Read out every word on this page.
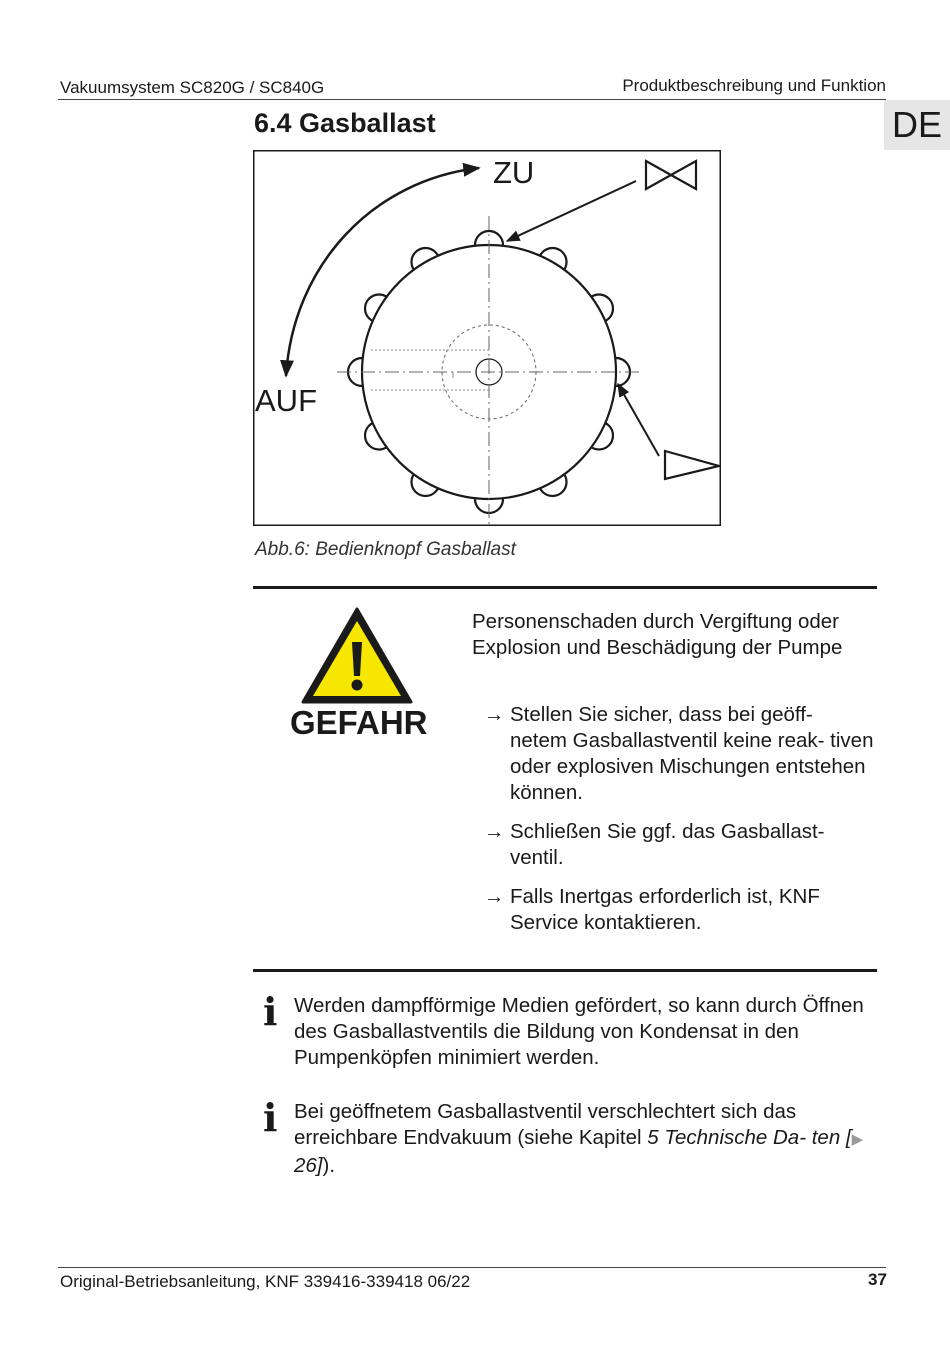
Vakuumsystem SC820G / SC840G	Produktbeschreibung und Funktion
DE
6.4 Gasballast
ZU
AUF
Abb.6: Bedienknopf Gasballast
GEFAHR
Personenschaden durch Vergiftung oder Explosion und Beschädigung der Pumpe
→ Stellen Sie sicher, dass bei geöff- netem Gasballastventil keine reak- tiven oder explosiven Mischungen entstehen können.
→ Schließen Sie ggf. das Gasballast- ventil.
→ Falls Inertgas erforderlich ist, KNF Service kontaktieren.
i Werden dampfförmige Medien gefördert, so kann durch Öffnen des Gasballastventils die Bildung von Kondensat in den Pumpenköpfen minimiert werden.
i Bei geöffnetem Gasballastventil verschlechtert sich das erreichbare Endvakuum (siehe Kapitel 5 Technische Da- ten [▶ 26]).
Original-Betriebsanleitung, KNF 339416-339418 06/22	37
